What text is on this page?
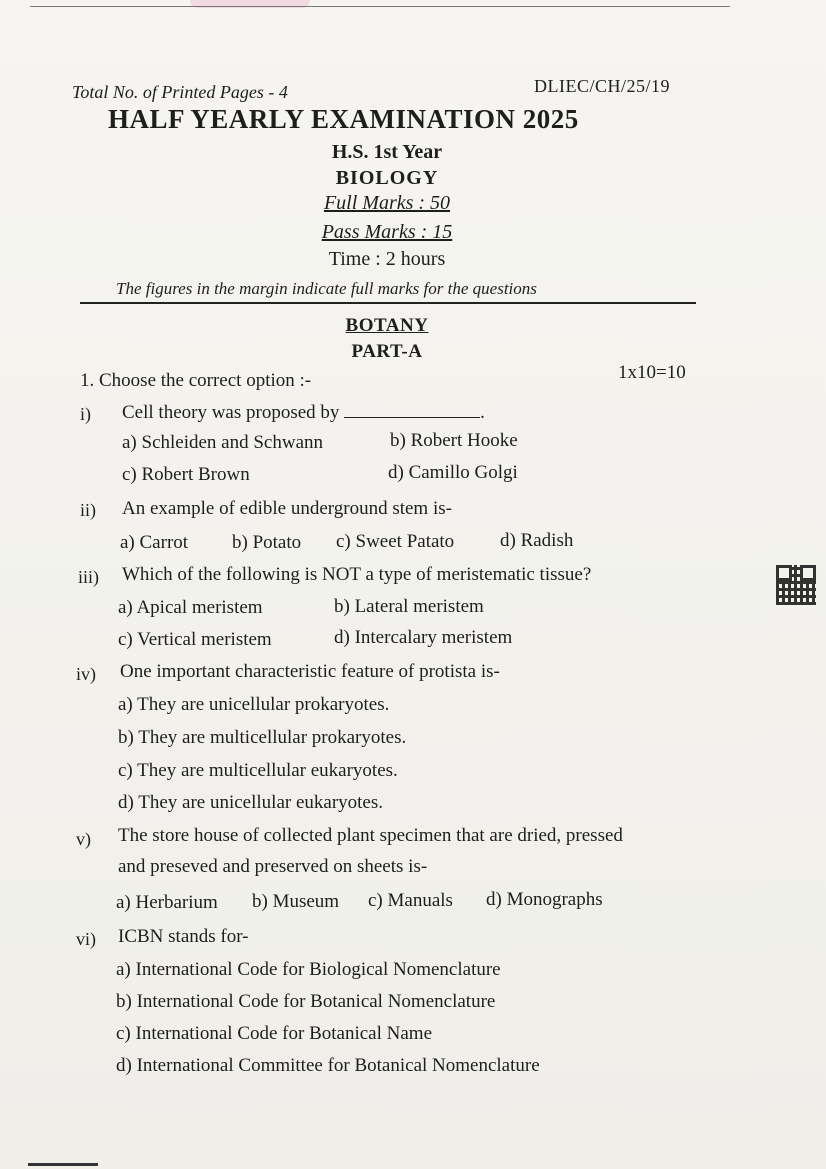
Total No. of Printed Pages - 4	DLIEC/CH/25/19
HALF YEARLY EXAMINATION 2025
H.S. 1st Year
BIOLOGY
Full Marks : 50
Pass Marks : 15
Time : 2 hours
The figures in the margin indicate full marks for the questions
BOTANY
PART-A
1. Choose the correct option :-	1x10=10
i) Cell theory was proposed by	.
a) Schleiden and Schwann	b) Robert Hooke
c) Robert Brown	d) Camillo Golgi
ii) An example of edible underground stem is-
a) Carrot b) Potato c) Sweet Patato d) Radish
iii) Which of the following is NOT a type of meristematic tissue?
a) Apical meristem	b) Lateral meristem
c) Vertical meristem	d) Intercalary meristem
iv) One important characteristic feature of protista is-
a) They are unicellular prokaryotes.
b) They are multicellular prokaryotes.
c) They are multicellular eukaryotes.
d) They are unicellular eukaryotes.
v) The store house of collected plant specimen that are dried, pressed
and preseved and preserved on sheets is-
a) Herbarium b) Museum c) Manuals d) Monographs
vi) ICBN stands for-
a) International Code for Biological Nomenclature
b) International Code for Botanical Nomenclature
c) International Code for Botanical Name
d) International Committee for Botanical Nomenclature
